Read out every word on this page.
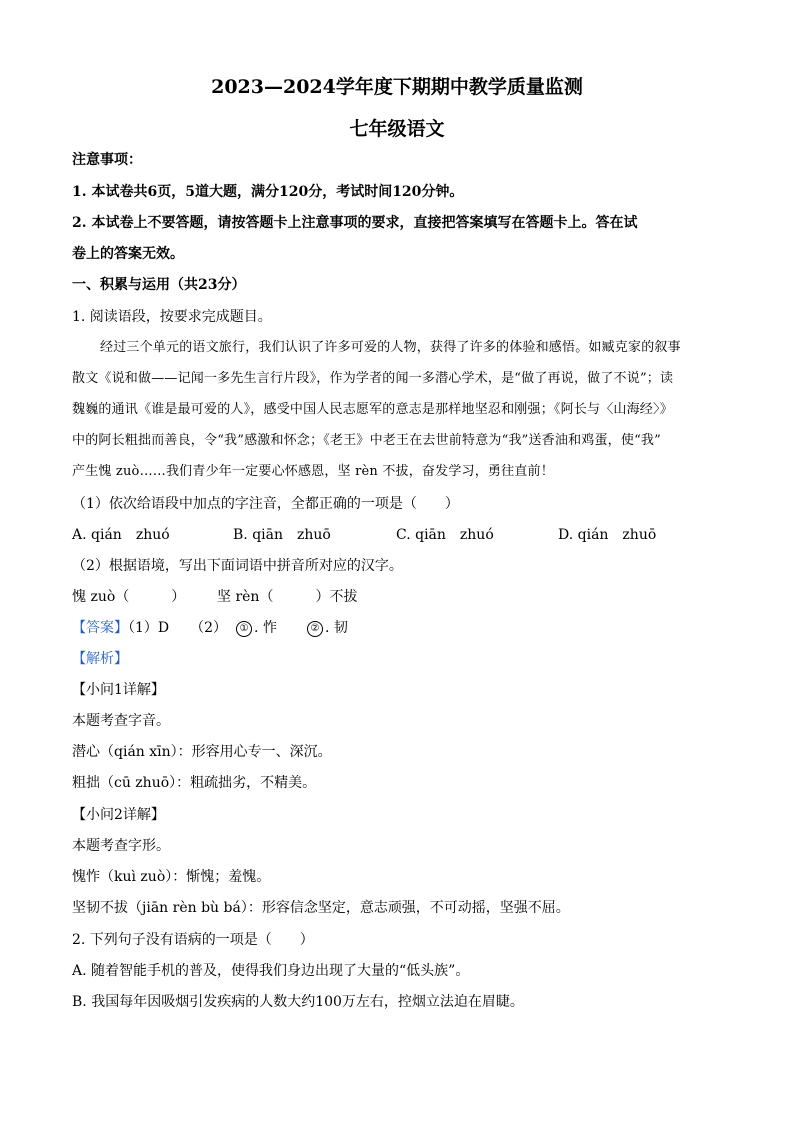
2023—2024学年度下期期中教学质量监测
七年级语文
注意事项：
1. 本试卷共6页，5道大题，满分120分，考试时间120分钟。
2. 本试卷上不要答题，请按答题卡上注意事项的要求，直接把答案填写在答题卡上。答在试
卷上的答案无效。
一、积累与运用（共23分）
1. 阅读语段，按要求完成题目。
经过三个单元的语文旅行，我们认识了许多可爱的人物，获得了许多的体验和感悟。如臧克家的叙事
散文《说和做——记闻一多先生言行片段》，作为学者的闻一多潜心学术，是“做了再说，做了不说”；读
魏巍的通讯《谁是最可爱的人》，感受中国人民志愿军的意志是那样地坚忍和刚强；《阿长与〈山海经〉》
中的阿长粗拙而善良，令“我”感激和怀念；《老王》中老王在去世前特意为“我”送香油和鸡蛋，使“我”
产生愧 zuò……我们青少年一定要心怀感恩，坚 rèn 不拔，奋发学习，勇往直前！
（1）依次给语段中加点的字注音，全都正确的一项是（　　）
A. qián　zhuó	B. qiān　zhuō	C. qiān　zhuó	D. qián　zhuō
（2）根据语境，写出下面词语中拼音所对应的汉字。
愧 zuò（　　　） 坚 rèn（　　　）不拔
【答案】（1）D　　（2）　 ① . 怍　　	② . 韧
【解析】
【小问1详解】
本题考查字音。
潜心（qián xīn）：形容用心专一、深沉。
粗拙（cū zhuō）：粗疏拙劣，不精美。
【小问2详解】
本题考查字形。
愧怍（kuì zuò）：惭愧；羞愧。
坚韧不拔（jiān rèn bù bá）：形容信念坚定，意志顽强，不可动摇，坚强不屈。
2. 下列句子没有语病的一项是（　　）
A. 随着智能手机的普及，使得我们身边出现了大量的“低头族”。
B. 我国每年因吸烟引发疾病的人数大约100万左右，控烟立法迫在眉睫。
